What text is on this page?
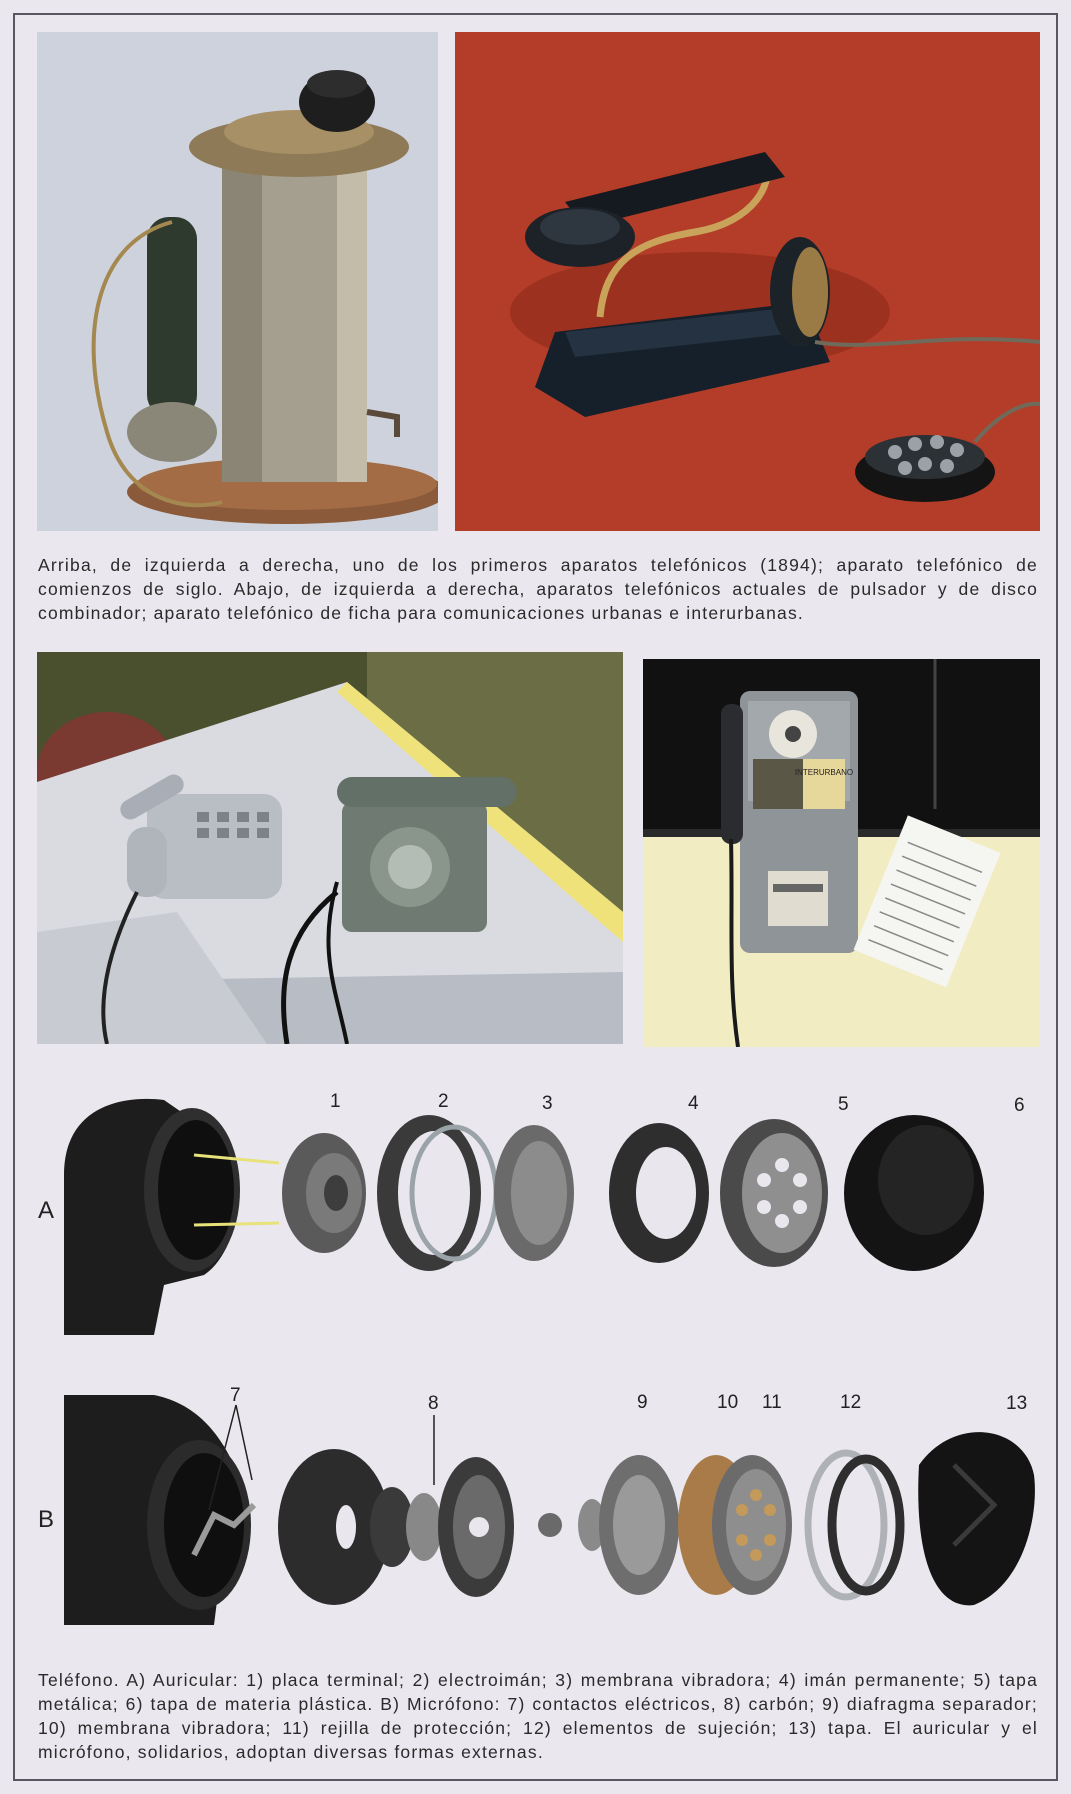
Arriba, de izquierda a derecha, uno de los primeros aparatos telefónicos (1894); aparato telefónico de comienzos de siglo. Abajo, de izquierda a derecha, aparatos telefónicos actuales de pulsador y de disco combinador; aparato telefónico de ficha para comunicaciones urbanas e interurbanas.

INTERURBANO
A
1	2	3	4	5	6
B
7	8	9	10 11	12	13

Teléfono. A) Auricular: 1) placa terminal; 2) electroimán; 3) membrana vibradora; 4) imán permanente; 5) tapa metálica; 6) tapa de materia plástica. B) Micrófono: 7) contactos eléctricos, 8) carbón; 9) diafragma separador; 10) membrana vibradora; 11) rejilla de protección; 12) elementos de sujeción; 13) tapa. El auricular y el micrófono, solidarios, adoptan diversas formas externas.
